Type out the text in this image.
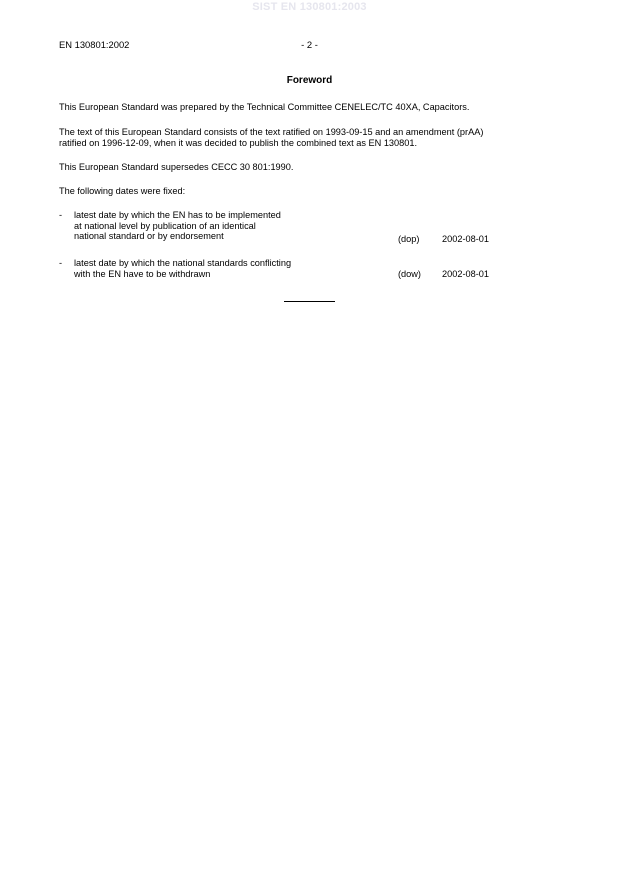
SIST EN 130801:2003
EN 130801:2002	- 2 -
Foreword
This European Standard was prepared by the Technical Committee CENELEC/TC 40XA, Capacitors.
The text of this European Standard consists of the text ratified on 1993-09-15 and an amendment (prAA)
ratified on 1996-12-09, when it was decided to publish the combined text as EN 130801.
This European Standard supersedes CECC 30 801:1990.
The following dates were fixed:
- latest date by which the EN has to be implemented
at national level by publication of an identical
national standard or by endorsement	(dop) 2002-08-01
- latest date by which the national standards conflicting
with the EN have to be withdrawn	(dow) 2002-08-01
